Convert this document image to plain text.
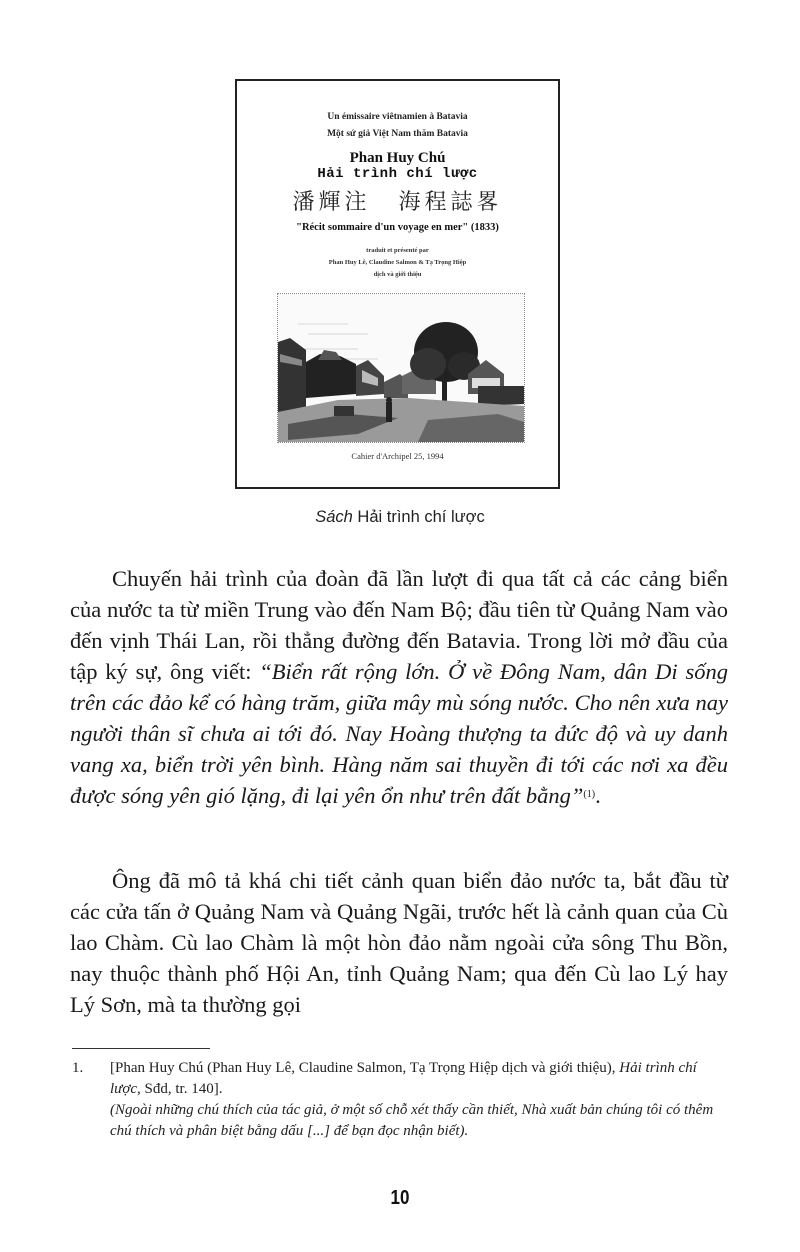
Un émissaire viêtnamien à Batavia
Một sứ giả Việt Nam thăm Batavia
Phan Huy Chú
Hải trình chí lược
潘輝注 海程誌畧
"Récit sommaire d'un voyage en mer" (1833)
traduit et présenté par
Phan Huy Lê, Claudine Salmon & Tạ Trọng Hiệp
dịch và giới thiệu
Cahier d'Archipel 25, 1994
Sách Hải trình chí lược

Chuyến hải trình của đoàn đã lần lượt đi qua tất cả các cảng biển của nước ta từ miền Trung vào đến Nam Bộ; đầu tiên từ Quảng Nam vào đến vịnh Thái Lan, rồi thẳng đường đến Batavia. Trong lời mở đầu của tập ký sự, ông viết: “Biển rất rộng lớn. Ở về Đông Nam, dân Di sống trên các đảo kể có hàng trăm, giữa mây mù sóng nước. Cho nên xưa nay người thân sĩ chưa ai tới đó. Nay Hoàng thượng ta đức độ và uy danh vang xa, biển trời yên bình. Hàng năm sai thuyền đi tới các nơi xa đều được sóng yên gió lặng, đi lại yên ổn như trên đất bằng”$^{(1)}$.

Ông đã mô tả khá chi tiết cảnh quan biển đảo nước ta, bắt đầu từ các cửa tấn ở Quảng Nam và Quảng Ngãi, trước hết là cảnh quan của Cù lao Chàm. Cù lao Chàm là một hòn đảo nằm ngoài cửa sông Thu Bồn, nay thuộc thành phố Hội An, tỉnh Quảng Nam; qua đến Cù lao Lý hay Lý Sơn, mà ta thường gọi

1. [Phan Huy Chú (Phan Huy Lê, Claudine Salmon, Tạ Trọng Hiệp dịch và giới thiệu), Hải trình chí lược, Sđd, tr. 140].
(Ngoài những chú thích của tác giả, ở một số chỗ xét thấy cần thiết, Nhà xuất bản chúng tôi có thêm chú thích và phân biệt bằng dấu [...] để bạn đọc nhận biết).
10
